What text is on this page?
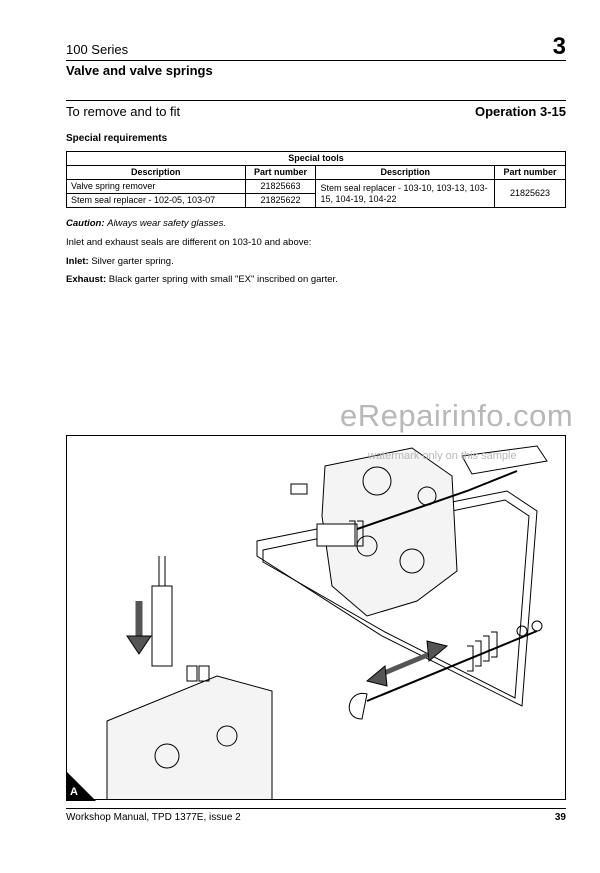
100 Series	3
Valve and valve springs
To remove and to fit	Operation 3-15
Special requirements
Special tools			
Description	Part number	Description	Part number
Valve spring remover	21825663	Stem seal replacer - 103-10, 103-13, 103-15, 104-19, 104-22	21825623
Stem seal replacer - 102-05, 103-07	21825622		
Caution: Always wear safety glasses.
Inlet and exhaust seals are different on 103-10 and above:
Inlet: Silver garter spring.
Exhaust: Black garter spring with small "EX" inscribed on garter.
A
eRepairinfo.com
watermark only on this sample
Workshop Manual, TPD 1377E, issue 2	39
